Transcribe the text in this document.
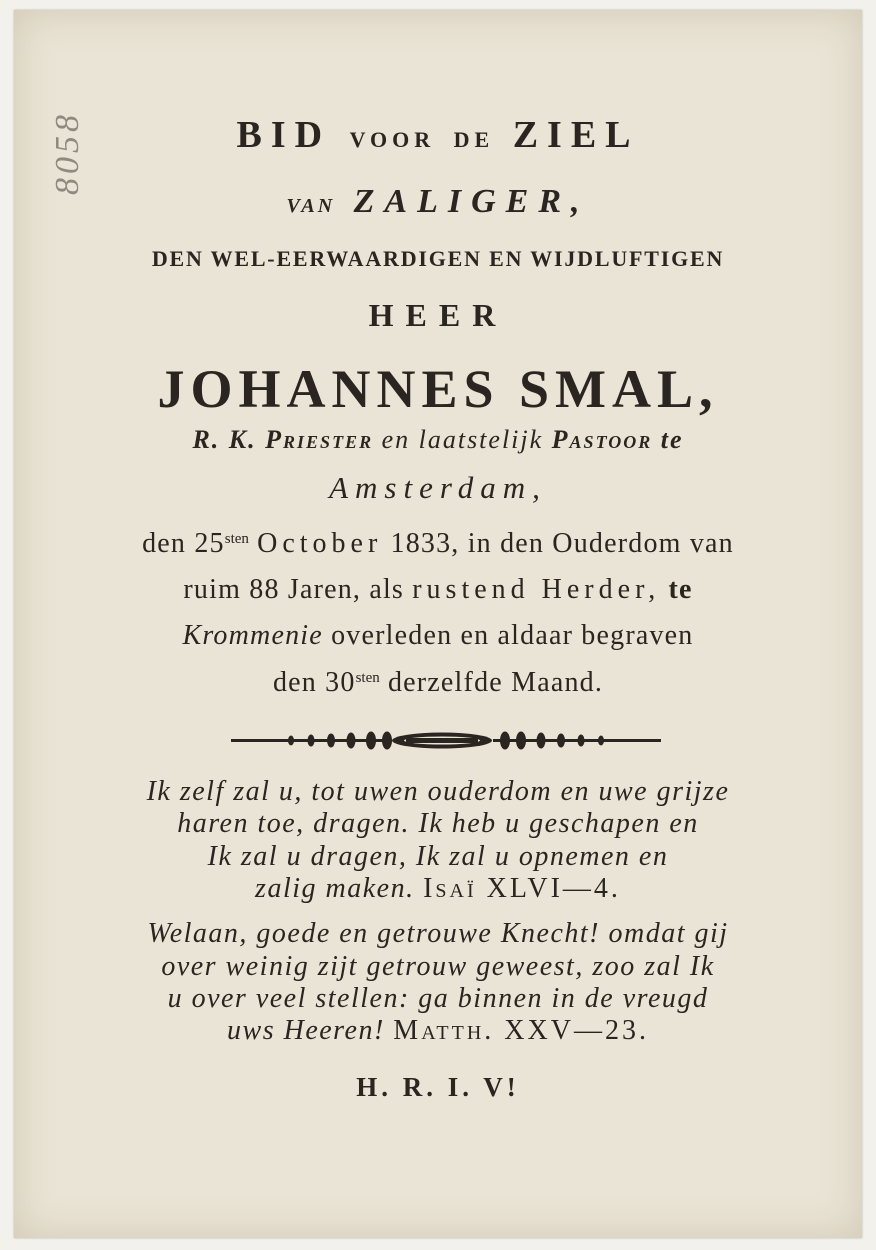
8058	BID VOOR DE ZIEL
VAN ZALIGER,
DEN WEL-EERWAARDIGEN EN WIJDLUFTIGEN
HEER
JOHANNES SMAL,
R. K. Priester en laatstelijk Pastoor te
Amsterdam,
den $25^{sten}$ October 1833, in den Ouderdom van
ruim 88 Jaren, als rustend Herder, te
Krommenie overleden en aldaar begraven
den $30^{sten}$ derzelfde Maand.
Ik zelf zal u, tot uwen ouderdom en uwe grijze
haren toe, dragen. Ik heb u geschapen en
Ik zal u dragen, Ik zal u opnemen en
zalig maken. Isaï XLVI—4.
Welaan, goede en getrouwe Knecht! omdat gij
over weinig zijt getrouw geweest, zoo zal Ik
u over veel stellen: ga binnen in de vreugd
uws Heeren! Matth. XXV—23.
H. R. I. V!
